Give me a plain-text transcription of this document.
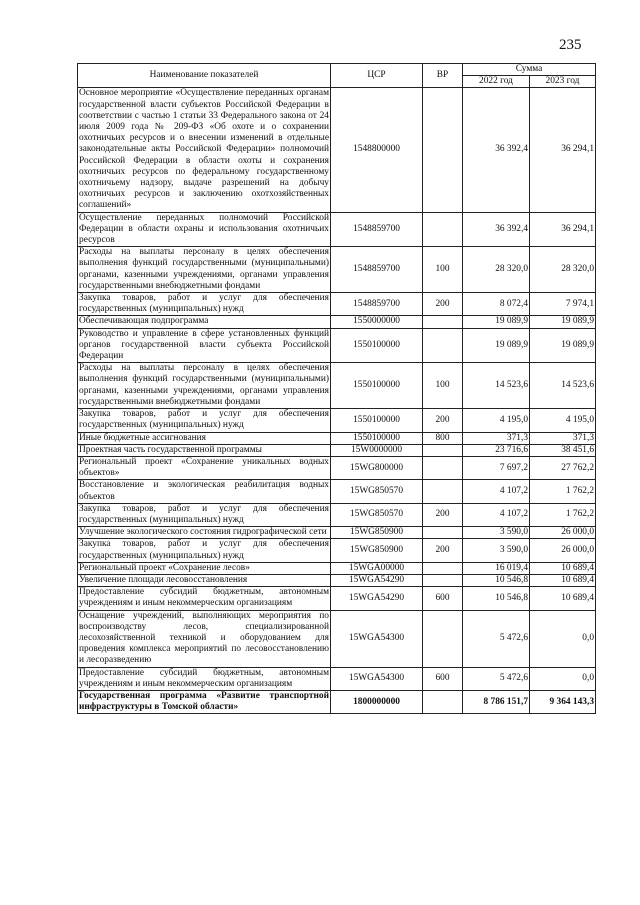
235
Наименование показателей	ЦСР	ВР	Сумма	
			2022 год	2023 год
Основное мероприятие «Осуществление переданных органам государственной власти субъектов Российской Федерации в соответствии с частью 1 статьи 33 Федерального закона от 24 июля 2009 года № 209-ФЗ «Об охоте и о сохранении охотничьих ресурсов и о внесении изменений в отдельные законодательные акты Российской Федерации» полномочий Российской Федерации в области охоты и сохранения охотничьих ресурсов по федеральному государственному охотничьему надзору, выдаче разрешений на добычу охотничьих ресурсов и заключению охотхозяйственных соглашений»	1548800000		36 392,4	36 294,1
Осуществление переданных полномочий Российской Федерации в области охраны и использования охотничьих ресурсов	1548859700		36 392,4	36 294,1
Расходы на выплаты персоналу в целях обеспечения выполнения функций государственными (муниципальными) органами, казенными учреждениями, органами управления государственными внебюджетными фондами	1548859700	100	28 320,0	28 320,0
Закупка товаров, работ и услуг для обеспечения государственных (муниципальных) нужд	1548859700	200	8 072,4	7 974,1
Обеспечивающая подпрограмма	1550000000		19 089,9	19 089,9
Руководство и управление в сфере установленных функций органов государственной власти субъекта Российской Федерации	1550100000		19 089,9	19 089,9
Расходы на выплаты персоналу в целях обеспечения выполнения функций государственными (муниципальными) органами, казенными учреждениями, органами управления государственными внебюджетными фондами	1550100000	100	14 523,6	14 523,6
Закупка товаров, работ и услуг для обеспечения государственных (муниципальных) нужд	1550100000	200	4 195,0	4 195,0
Иные бюджетные ассигнования	1550100000	800	371,3	371,3
Проектная часть государственной программы	15W0000000		23 716,6	38 451,6
Региональный проект «Сохранение уникальных водных объектов»	15WG800000		7 697,2	27 762,2
Восстановление и экологическая реабилитация водных объектов	15WG850570		4 107,2	1 762,2
Закупка товаров, работ и услуг для обеспечения государственных (муниципальных) нужд	15WG850570	200	4 107,2	1 762,2
Улучшение экологического состояния гидрографической сети	15WG850900		3 590,0	26 000,0
Закупка товаров, работ и услуг для обеспечения государственных (муниципальных) нужд	15WG850900	200	3 590,0	26 000,0
Региональный проект «Сохранение лесов»	15WGA00000		16 019,4	10 689,4
Увеличение площади лесовосстановления	15WGA54290		10 546,8	10 689,4
Предоставление субсидий бюджетным, автономным учреждениям и иным некоммерческим организациям	15WGA54290	600	10 546,8	10 689,4
Оснащение учреждений, выполняющих мероприятия по воспроизводству лесов, специализированной лесохозяйственной техникой и оборудованием для проведения комплекса мероприятий по лесовосстановлению и лесоразведению	15WGA54300		5 472,6	0,0
Предоставление субсидий бюджетным, автономным учреждениям и иным некоммерческим организациям	15WGA54300	600	5 472,6	0,0
Государственная программа «Развитие транспортной инфраструктуры в Томской области»	1800000000		8 786 151,7	9 364 143,3
